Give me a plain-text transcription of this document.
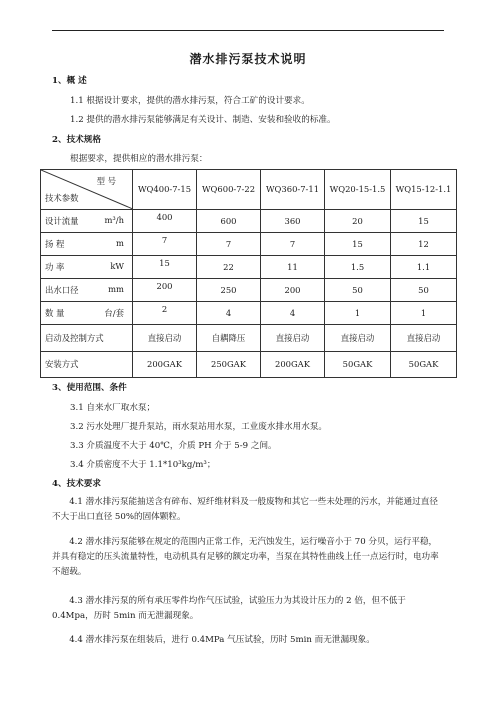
潜水排污泵技术说明
1、概 述
1.1 根据设计要求，提供的潜水排污泵，符合工矿的设计要求。
1.2 提供的潜水排污泵能够满足有关设计、制造、安装和验收的标准。
2、技术规格
根据要求，提供相应的潜水排污泵：
型 号
技术参数	WQ400-7-15	WQ600-7-22	WQ360-7-11	WQ20-15-1.5	WQ15-12-1.1

设计流量 m³/h	400	600	360	20	15

扬 程 m	7	7	7	15	12

功 率 kW	15	22	11	1.5	1.1

出水口径 mm	200	250	200	50	50

数 量 台/套	2	4	4	1	1
启动及控制方式	直接启动	自耦降压	直接启动	直接启动	直接启动
安装方式	200GAK	250GAK	200GAK	50GAK	50GAK
3、使用范围、条件
3.1 自来水厂取水泵；
3.2 污水处理厂提升泵站，雨水泵站用水泵，工业废水排水用水泵。
3.3 介质温度不大于 40℃，介质 PH 介于 5-9 之间。
3.4 介质密度不大于 1.1*10³kg/m³；
4、技术要求
4.1 潜水排污泵能抽送含有碎布、短纤维材料及一般废物和其它一些未处理的污水，并能通过直径不大于出口直径 50%的固体颗粒。
4.2 潜水排污泵能够在规定的范围内正常工作，无汽蚀发生，运行噪音小于 70 分贝，运行平稳，并具有稳定的压头流量特性，电动机具有足够的额定功率，当泵在其特性曲线上任一点运行时，电功率不超载。
4.3 潜水排污泵的所有承压零件均作气压试验，试验压力为其设计压力的 2 倍，但不低于 0.4Mpa，历时 5min 而无泄漏现象。
4.4 潜水排污泵在组装后，进行 0.4MPa 气压试验，历时 5min 而无泄漏现象。
